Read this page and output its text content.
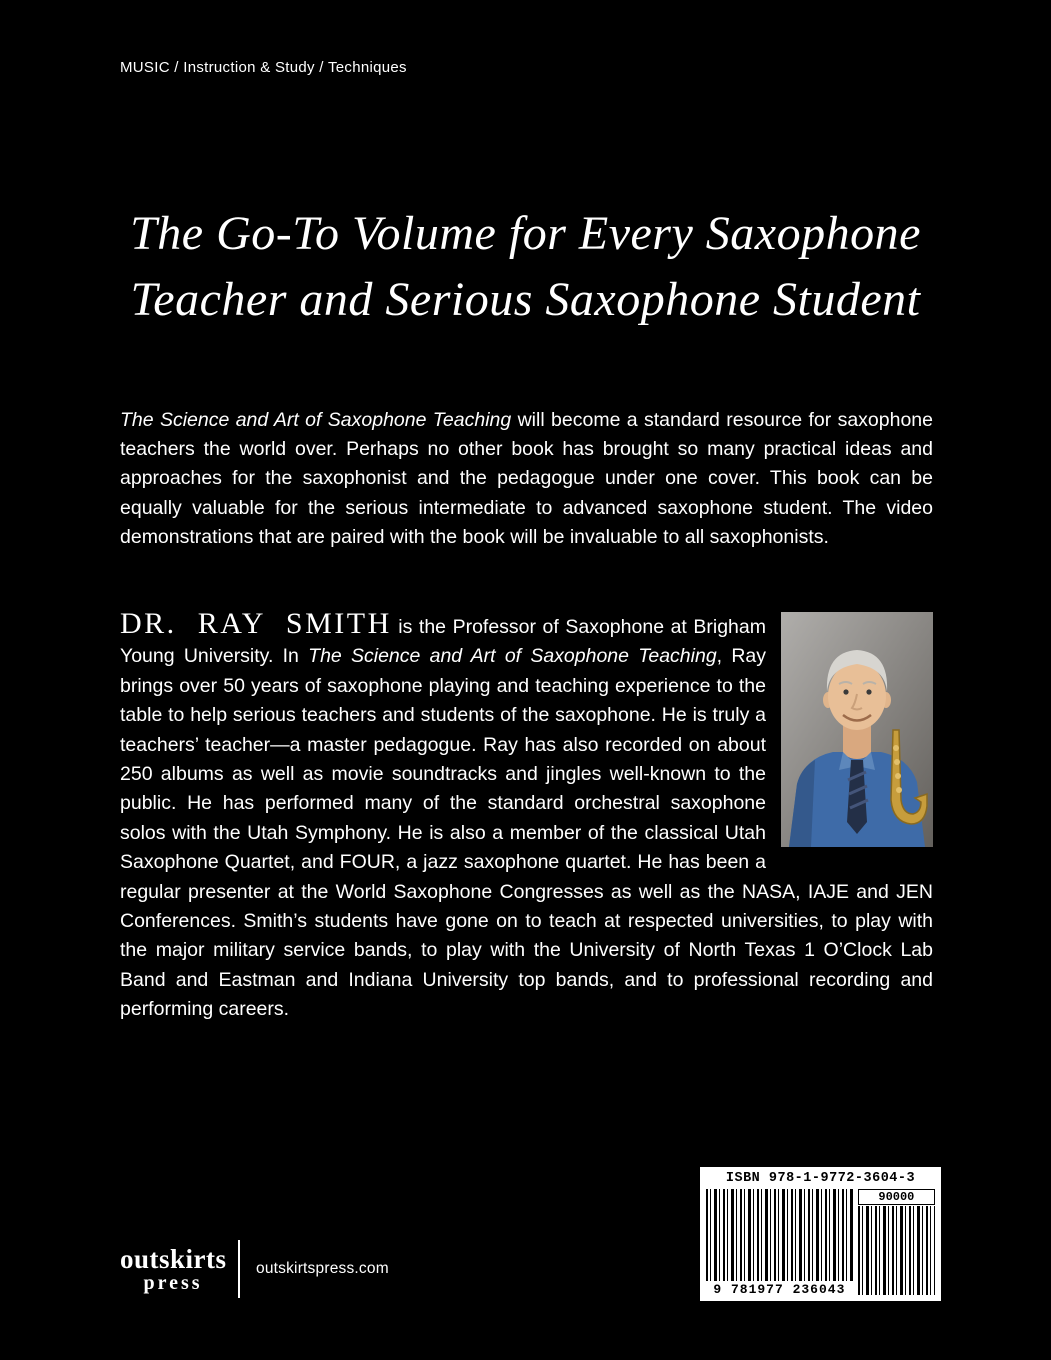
MUSIC / Instruction & Study / Techniques
The Go-To Volume for Every Saxophone
Teacher and Serious Saxophone Student

The Science and Art of Saxophone Teaching will become a standard resource for saxophone teachers the world over. Perhaps no other book has brought so many practical ideas and approaches for the saxophonist and the pedagogue under one cover. This book can be equally valuable for the serious intermediate to advanced saxophone student. The video demonstrations that are paired with the book will be invaluable to all saxophonists.

DR. RAY SMITH is the Professor of Saxophone at Brigham Young University. In The Science and Art of Saxophone Teaching, Ray brings over 50 years of saxophone playing and teaching experience to the table to help serious teachers and students of the saxophone. He is truly a teachers’ teacher—a master pedagogue. Ray has also recorded on about 250 albums as well as movie soundtracks and jingles well-known to the public. He has performed many of the standard orchestral saxophone solos with the Utah Symphony. He is also a member of the classical Utah Saxophone Quartet, and FOUR, a jazz saxophone quartet. He has been a regular presenter at the World Saxophone Congresses as well as the NASA, IAJE and JEN Conferences. Smith’s students have gone on to teach at respected universities, to play with the major military service bands, to play with the University of North Texas 1 O’Clock Lab Band and Eastman and Indiana University top bands, and to professional recording and performing careers.

outskirts
press
outskirtspress.com
ISBN 978-1-9772-3604-3
9 781977 236043
90000
